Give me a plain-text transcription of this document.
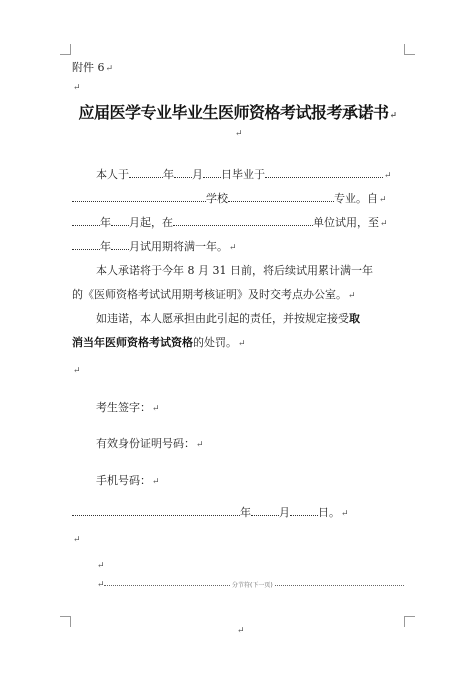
附件 6↵
↵
应届医学专业毕业生医师资格考试报考承诺书↵
↵
本人于	年 月 日毕业于	↵
学校	专业。自↵
年 月起，在	单位试用，至↵
年 月试用期将满一年。↵
本人承诺将于今年 8 月 31 日前，将后续试用累计满一年
的《医师资格考试试用期考核证明》及时交考点办公室。↵
如违诺，本人愿承担由此引起的责任，并按规定接受取
消当年医师资格考试资格的处罚。↵
↵
考生签字：↵
有效身份证明号码：↵
手机号码：↵
年	月	日。↵
↵
↵
↵	分节符(下一页)
↵
